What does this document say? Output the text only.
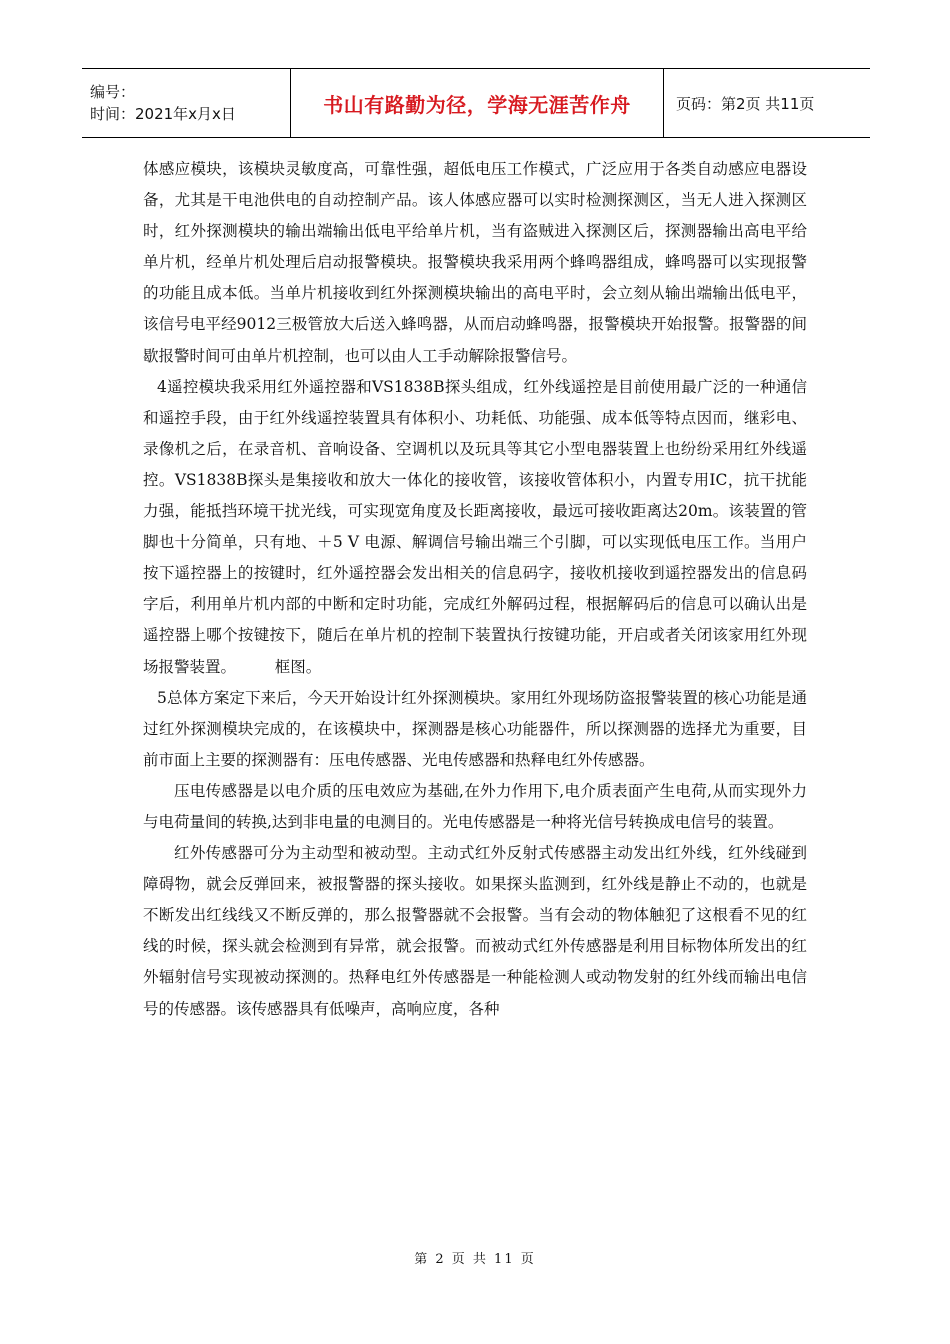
编号：
时间：2021年x月x日	书山有路勤为径，学海无涯苦作舟	页码：第2页 共11页

体感应模块，该模块灵敏度高，可靠性强，超低电压工作模式，广泛应用于各类自动感应电器设备，尤其是干电池供电的自动控制产品。该人体感应器可以实时检测探测区，当无人进入探测区时，红外探测模块的输出端输出低电平给单片机，当有盗贼进入探测区后，探测器输出高电平给单片机，经单片机处理后启动报警模块。报警模块我采用两个蜂鸣器组成，蜂鸣器可以实现报警的功能且成本低。当单片机接收到红外探测模块输出的高电平时，会立刻从输出端输出低电平，该信号电平经9012三极管放大后送入蜂鸣器，从而启动蜂鸣器，报警模块开始报警。报警器的间歇报警时间可由单片机控制，也可以由人工手动解除报警信号。

4遥控模块我采用红外遥控器和VS1838B探头组成，红外线遥控是目前使用最广泛的一种通信和遥控手段，由于红外线遥控装置具有体积小、功耗低、功能强、成本低等特点因而，继彩电、录像机之后，在录音机、音响设备、空调机以及玩具等其它小型电器装置上也纷纷采用红外线遥控。VS1838B探头是集接收和放大一体化的接收管，该接收管体积小，内置专用IC，抗干扰能力强，能抵挡环境干扰光线，可实现宽角度及长距离接收，最远可接收距离达20m。该装置的管脚也十分简单，只有地、＋5 V 电源、解调信号输出端三个引脚，可以实现低电压工作。当用户按下遥控器上的按键时，红外遥控器会发出相关的信息码字，接收机接收到遥控器发出的信息码字后，利用单片机内部的中断和定时功能，完成红外解码过程，根据解码后的信息可以确认出是遥控器上哪个按键按下，随后在单片机的控制下装置执行按键功能，开启或者关闭该家用红外现场报警装置。　　　框图。

5总体方案定下来后，今天开始设计红外探测模块。家用红外现场防盗报警装置的核心功能是通过红外探测模块完成的，在该模块中，探测器是核心功能器件，所以探测器的选择尤为重要，目前市面上主要的探测器有：压电传感器、光电传感器和热释电红外传感器。

压电传感器是以电介质的压电效应为基础,在外力作用下,电介质表面产生电荷,从而实现外力与电荷量间的转换,达到非电量的电测目的。光电传感器是一种将光信号转换成电信号的装置。

红外传感器可分为主动型和被动型。主动式红外反射式传感器主动发出红外线，红外线碰到障碍物，就会反弹回来，被报警器的探头接收。如果探头监测到，红外线是静止不动的，也就是不断发出红线线又不断反弹的，那么报警器就不会报警。当有会动的物体触犯了这根看不见的红线的时候，探头就会检测到有异常，就会报警。而被动式红外传感器是利用目标物体所发出的红外辐射信号实现被动探测的。热释电红外传感器是一种能检测人或动物发射的红外线而输出电信号的传感器。该传感器具有低噪声，高响应度，各种

第 2 页 共 11 页
